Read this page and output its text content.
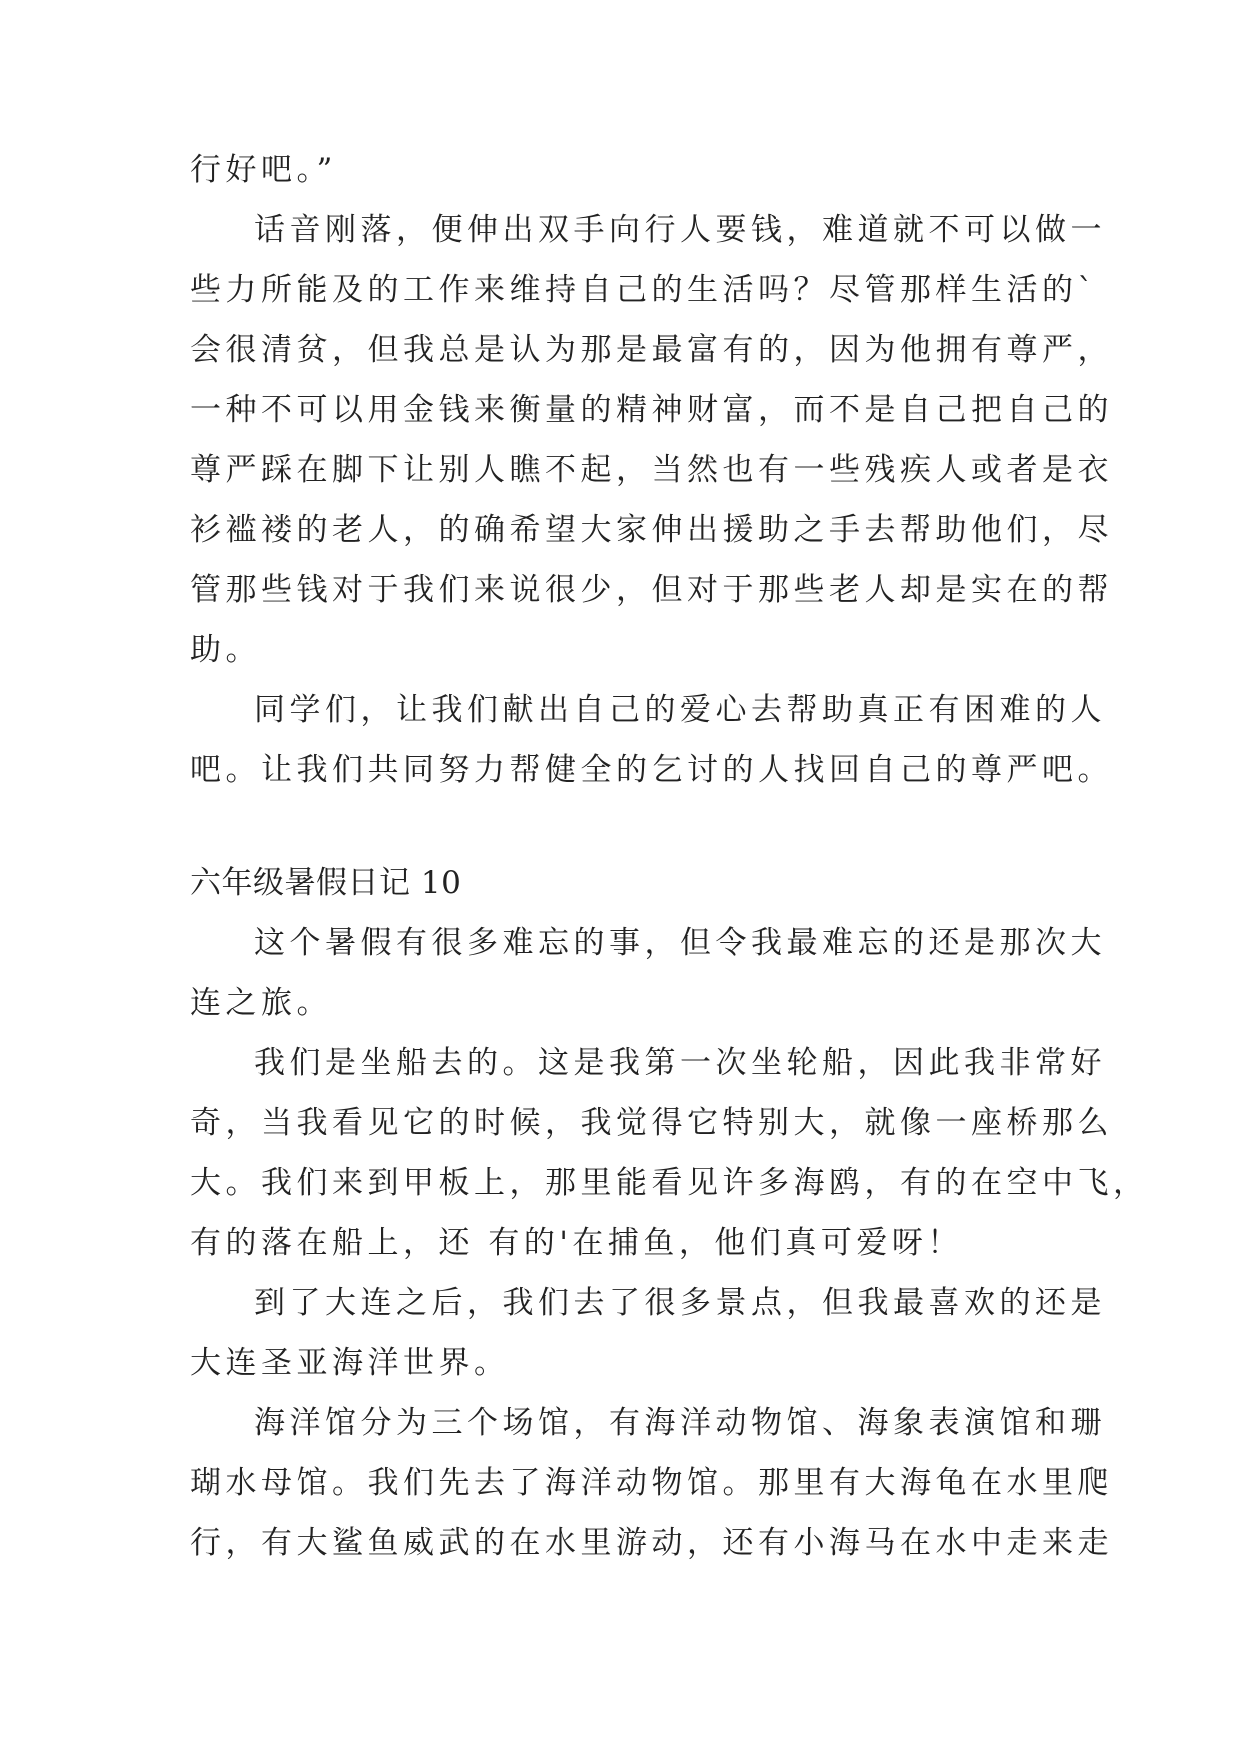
行好吧。”
话音刚落，便伸出双手向行人要钱，难道就不可以做一
些力所能及的工作来维持自己的生活吗？尽管那样生活的`
会很清贫，但我总是认为那是最富有的，因为他拥有尊严，
一种不可以用金钱来衡量的精神财富，而不是自己把自己的
尊严踩在脚下让别人瞧不起，当然也有一些残疾人或者是衣
衫褴褛的老人，的确希望大家伸出援助之手去帮助他们，尽
管那些钱对于我们来说很少，但对于那些老人却是实在的帮
助。
同学们，让我们献出自己的爱心去帮助真正有困难的人
吧。让我们共同努力帮健全的乞讨的人找回自己的尊严吧。
六年级暑假日记 10
这个暑假有很多难忘的事，但令我最难忘的还是那次大
连之旅。
我们是坐船去的。这是我第一次坐轮船，因此我非常好
奇，当我看见它的时候，我觉得它特别大，就像一座桥那么
大。我们来到甲板上，那里能看见许多海鸥，有的在空中飞，
有的落在船上，还 有的'在捕鱼，他们真可爱呀！
到了大连之后，我们去了很多景点，但我最喜欢的还是
大连圣亚海洋世界。
海洋馆分为三个场馆，有海洋动物馆、海象表演馆和珊
瑚水母馆。我们先去了海洋动物馆。那里有大海龟在水里爬
行，有大鲨鱼威武的在水里游动，还有小海马在水中走来走
